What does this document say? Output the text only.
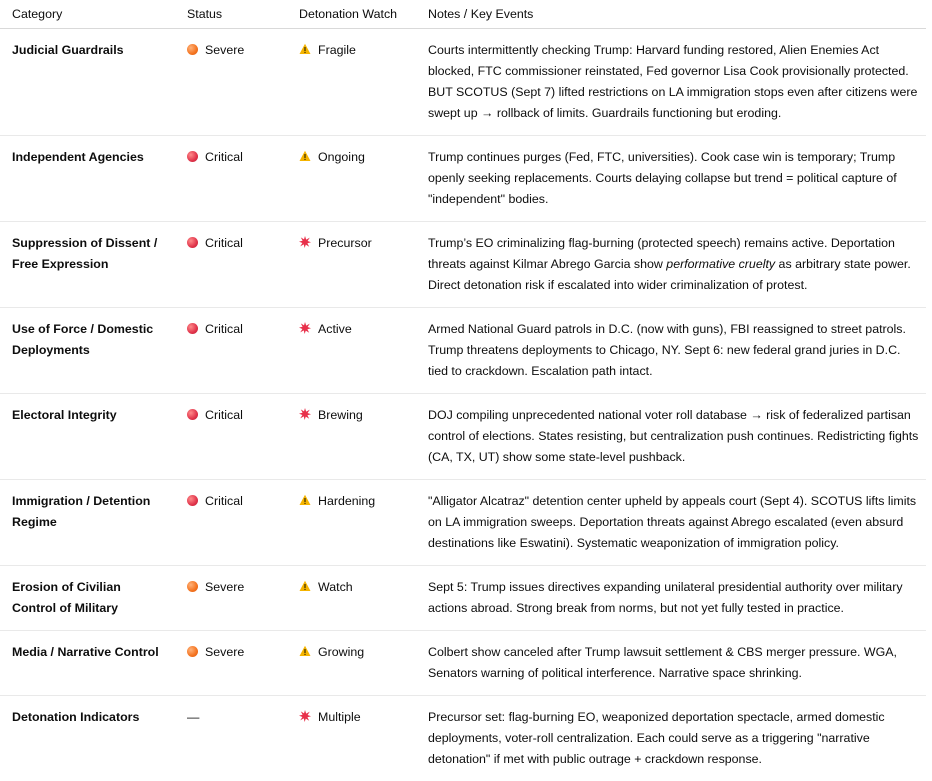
Category	Status	Detonation Watch	Notes / Key Events
Judicial Guardrails	Severe	Fragile	Courts intermittently checking Trump: Harvard funding restored, Alien Enemies Act blocked, FTC commissioner reinstated, Fed governor Lisa Cook provisionally protected. BUT SCOTUS (Sept 7) lifted restrictions on LA immigration stops even after citizens were swept up → rollback of limits. Guardrails functioning but eroding.
Independent Agencies	Critical	Ongoing	Trump continues purges (Fed, FTC, universities). Cook case win is temporary; Trump openly seeking replacements. Courts delaying collapse but trend = political capture of "independent" bodies.
Suppression of Dissent / Free Expression	Critical	Precursor	Trump’s EO criminalizing flag-burning (protected speech) remains active. Deportation threats against Kilmar Abrego Garcia show performative cruelty as arbitrary state power. Direct detonation risk if escalated into wider criminalization of protest.
Use of Force / Domestic Deployments	Critical	Active	Armed National Guard patrols in D.C. (now with guns), FBI reassigned to street patrols. Trump threatens deployments to Chicago, NY. Sept 6: new federal grand juries in D.C. tied to crackdown. Escalation path intact.
Electoral Integrity	Critical	Brewing	DOJ compiling unprecedented national voter roll database → risk of federalized partisan control of elections. States resisting, but centralization push continues. Redistricting fights (CA, TX, UT) show some state-level pushback.
Immigration / Detention Regime	Critical	Hardening	"Alligator Alcatraz" detention center upheld by appeals court (Sept 4). SCOTUS lifts limits on LA immigration sweeps. Deportation threats against Abrego escalated (even absurd destinations like Eswatini). Systematic weaponization of immigration policy.
Erosion of Civilian Control of Military	Severe	Watch	Sept 5: Trump issues directives expanding unilateral presidential authority over military actions abroad. Strong break from norms, but not yet fully tested in practice.
Media / Narrative Control	Severe	Growing	Colbert show canceled after Trump lawsuit settlement & CBS merger pressure. WGA, Senators warning of political interference. Narrative space shrinking.
Detonation Indicators	—	Multiple	Precursor set: flag-burning EO, weaponized deportation spectacle, armed domestic deployments, voter-roll centralization. Each could serve as a triggering "narrative detonation" if met with public outrage + crackdown response.
